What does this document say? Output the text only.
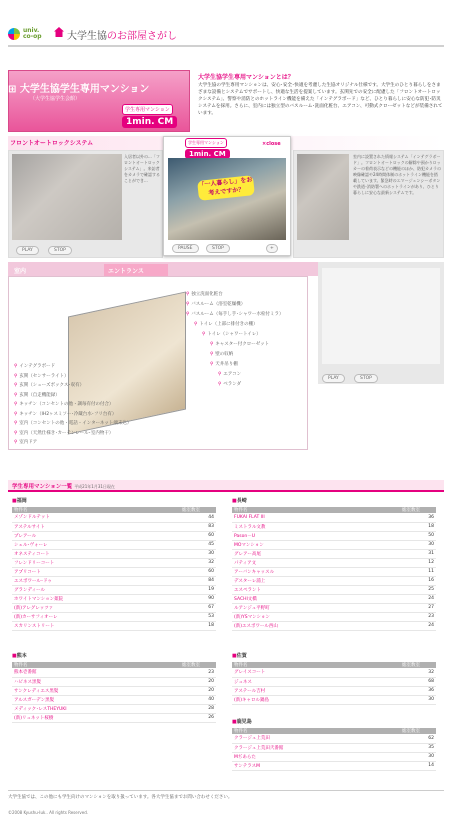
univ.
co-op	大学生協のお部屋さがし
⊞ 大学生協学生専用マンション
（大学生協学生会館）
学生専用マンション
1min. CM
大学生協学生専用マンションとは？
大学生協の学生専用マンションは、安心･安全･快適を考慮した生協オリジナル仕様です。大学生のひとり暮らしをさまざまな設備とシステムでサポートし、快適な生活を提案しています。玄関先での安全に配慮した「フロントオートロックシステム」、警察や消防とのホットライン機能を備えた「インテグラボード」など、ひとり暮らしに安心な防犯･防災システムを採用。さらに、室内には独立型のバスルーム･洗面化粧台、エアコン、可動式クローゼットなどが装備されています。
フロントオートロックシステム
入居者以外の...「フロントオートロックシステム」。来訪者をカメラで確認することができ...
PLAY	STOP
室内に設置された情報システム「インテグラボード」。フロントオートロックの解除や預かりロッカーの着荷表示などの機能のほか、防犯カメラの映像確認や24時間体制のホットライン機能を搭載しています。緊急時のエマージェンシーボタンや鉄道･消防署へのホットラインがあり、ひとり暮らしに安心な最新システムです。
学生専用マンション
1min. CM
×close
「一人暮らし」をお考えですか？
PAUSE	STOP	+
室内	エントランス
⚲ 独立洗面化粧台
⚲ バスルーム（浴室乾燥機）
⚲ バスルーム（毎手し手･シャワー水栓付ミラ）
⚲ トイレ（上部に排付きの棚）
⚲ トイレ（シャワートイレ）
⚲ キャスター付クローゼット
⚲ 壁の収納
⚲ 天井吊り棚
⚲ エアコン
⚲ ベランダ
⚲ インテグラボード
⚲ 玄関（センサーライト）
⚲ 玄関（シューズボックス･収有）
⚲ 玄関（自走機能録）
⚲ キッチン（コンセントの他・調毎有付の付合）
⚲ キッチン（IH2ヶスミソー･冷蔵台水･フリ台有）
⚲ 室内（コンセントの他・電話・インターネット端末込）
⚲ 室内（天然仕様き･カーテンレール･室内物干）
⚲ 室内ドア
PLAY	STOP
学生専用マンション一覧 平成21年1月31日現在
■福岡
物件名	総室数室
メゾンドルテット	44
アステルサイト	83
プレアール	60
シェル･ヴォーレ	45
オネスティコート	30
フレンドリーコート	32
アプリコート	60
エスポワール･ドゥ	84
グランディール	19
ホワイトマンション薬院	90
(新)アレグレッツァ	67
(新)カーサフィオーレ	53
スカリンストリート	18
■長崎
物件名	総室数室
FUKAI FLAT III	36
ミストラル文教	18
Pason－U	50
MOマンション	30
グレアー高尾	31
パティア文	12
アーバンキャッスル	11
デスターレ浦上	16
エスペラント	25
SACHI文橋	24
ルアンジュ平野町	27
(新)YSマンション	23
(新)エスポワール西山	24
■熊本
物件名	総室数室
熊本壱番館	23
ハピネス黒髪	20
サンクレディエス黒髪	20
アルスガーデン黒髪	40
メディック･レスTHEYUKI	28
(新)リュネット桜樹	26
■佐賀
物件名	総室数室
グレイスコート	32
ジュネス	68
アステール吉村	36
(新)キャロル鍋島	30
■鹿児島
物件名	総室数室
クラージュ上荒田	62
クラージュ上荒田弐番館	35
Mぢあらた	30
サンテラスM	14
大学生協では、この他にも学生向けのマンションを取り扱っています。各大学生協までお問い合わせください。
©2008 Kyushu-Iuk.. All rights Reserved.
